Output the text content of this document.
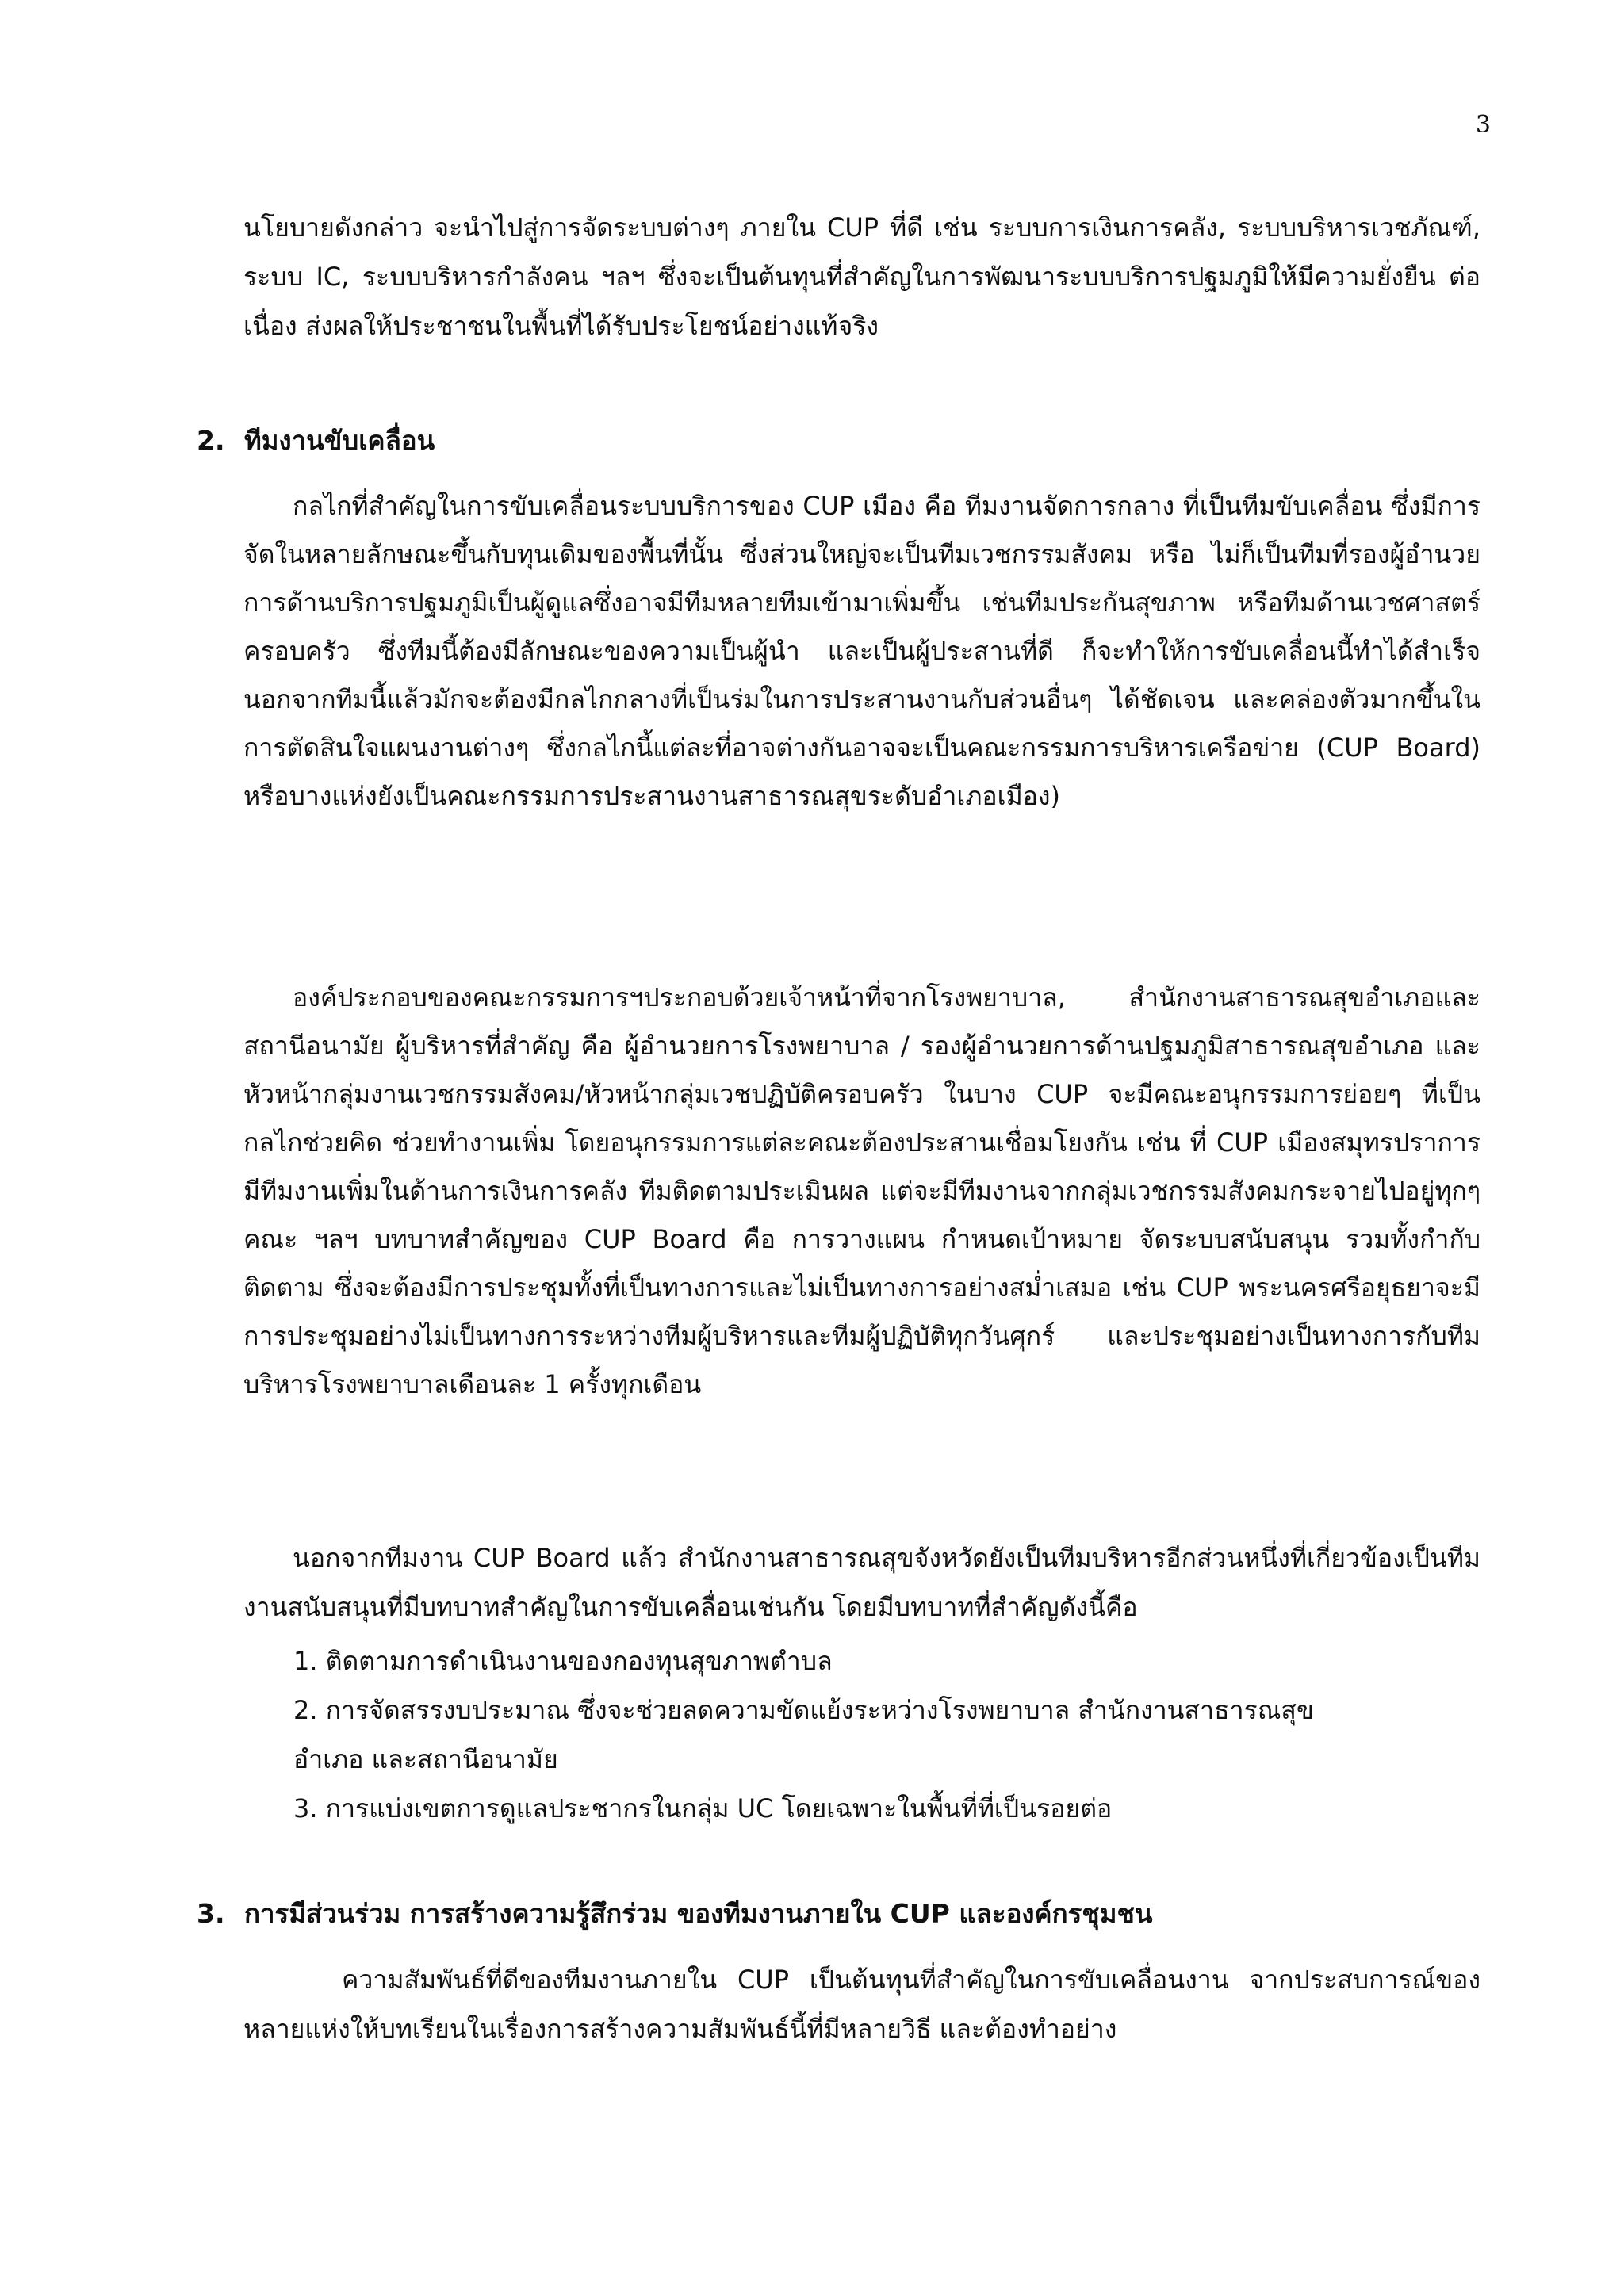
3

นโยบายดังกล่าว จะนำไปสู่การจัดระบบต่างๆ ภายใน CUP ที่ดี เช่น ระบบการเงินการคลัง, ระบบบริหารเวชภัณฑ์, ระบบ IC, ระบบบริหารกำลังคน ฯลฯ ซึ่งจะเป็นต้นทุนที่สำคัญในการพัฒนาระบบบริการปฐมภูมิให้มีความยั่งยืน ต่อเนื่อง ส่งผลให้ประชาชนในพื้นที่ได้รับประโยชน์อย่างแท้จริง

2. ทีมงานขับเคลื่อน

กลไกที่สำคัญในการขับเคลื่อนระบบบริการของ CUP เมือง คือ ทีมงานจัดการกลาง ที่เป็นทีมขับเคลื่อน ซึ่งมีการจัดในหลายลักษณะขึ้นกับทุนเดิมของพื้นที่นั้น ซึ่งส่วนใหญ่จะเป็นทีมเวชกรรมสังคม หรือ ไม่ก็เป็นทีมที่รองผู้อำนวยการด้านบริการปฐมภูมิเป็นผู้ดูแลซึ่งอาจมีทีมหลายทีมเข้ามาเพิ่มขึ้น เช่นทีมประกันสุขภาพ หรือทีมด้านเวชศาสตร์ครอบครัว ซึ่งทีมนี้ต้องมีลักษณะของความเป็นผู้นำ และเป็นผู้ประสานที่ดี ก็จะทำให้การขับเคลื่อนนี้ทำได้สำเร็จ นอกจากทีมนี้แล้วมักจะต้องมีกลไกกลางที่เป็นร่มในการประสานงานกับส่วนอื่นๆ ได้ชัดเจน และคล่องตัวมากขึ้นในการตัดสินใจแผนงานต่างๆ ซึ่งกลไกนี้แต่ละที่อาจต่างกันอาจจะเป็นคณะกรรมการบริหารเครือข่าย (CUP Board) หรือบางแห่งยังเป็นคณะกรรมการประสานงานสาธารณสุขระดับอำเภอเมือง)

องค์ประกอบของคณะกรรมการฯประกอบด้วยเจ้าหน้าที่จากโรงพยาบาล, สำนักงานสาธารณสุขอำเภอและสถานีอนามัย ผู้บริหารที่สำคัญ คือ ผู้อำนวยการโรงพยาบาล / รองผู้อำนวยการด้านปฐมภูมิสาธารณสุขอำเภอ และหัวหน้ากลุ่มงานเวชกรรมสังคม/หัวหน้ากลุ่มเวชปฏิบัติครอบครัว ในบาง CUP จะมีคณะอนุกรรมการย่อยๆ ที่เป็นกลไกช่วยคิด ช่วยทำงานเพิ่ม โดยอนุกรรมการแต่ละคณะต้องประสานเชื่อมโยงกัน เช่น ที่ CUP เมืองสมุทรปราการ มีทีมงานเพิ่มในด้านการเงินการคลัง ทีมติดตามประเมินผล แต่จะมีทีมงานจากกลุ่มเวชกรรมสังคมกระจายไปอยู่ทุกๆคณะ ฯลฯ บทบาทสำคัญของ CUP Board คือ การวางแผน กำหนดเป้าหมาย จัดระบบสนับสนุน รวมทั้งกำกับติดตาม ซึ่งจะต้องมีการประชุมทั้งที่เป็นทางการและไม่เป็นทางการอย่างสม่ำเสมอ เช่น CUP พระนครศรีอยุธยาจะมีการประชุมอย่างไม่เป็นทางการระหว่างทีมผู้บริหารและทีมผู้ปฏิบัติทุกวันศุกร์ และประชุมอย่างเป็นทางการกับทีมบริหารโรงพยาบาลเดือนละ 1 ครั้งทุกเดือน

นอกจากทีมงาน CUP Board แล้ว สำนักงานสาธารณสุขจังหวัดยังเป็นทีมบริหารอีกส่วนหนึ่งที่เกี่ยวข้องเป็นทีมงานสนับสนุนที่มีบทบาทสำคัญในการขับเคลื่อนเช่นกัน โดยมีบทบาทที่สำคัญดังนี้คือ

1. ติดตามการดำเนินงานของกองทุนสุขภาพตำบล
2. การจัดสรรงบประมาณ ซึ่งจะช่วยลดความขัดแย้งระหว่างโรงพยาบาล สำนักงานสาธารณสุข
อำเภอ และสถานีอนามัย
3. การแบ่งเขตการดูแลประชากรในกลุ่ม UC โดยเฉพาะในพื้นที่ที่เป็นรอยต่อ
3. การมีส่วนร่วม การสร้างความรู้สึกร่วม ของทีมงานภายใน CUP และองค์กรชุมชน

ความสัมพันธ์ที่ดีของทีมงานภายใน CUP เป็นต้นทุนที่สำคัญในการขับเคลื่อนงาน จากประสบการณ์ของหลายแห่งให้บทเรียนในเรื่องการสร้างความสัมพันธ์นี้ที่มีหลายวิธี และต้องทำอย่าง
